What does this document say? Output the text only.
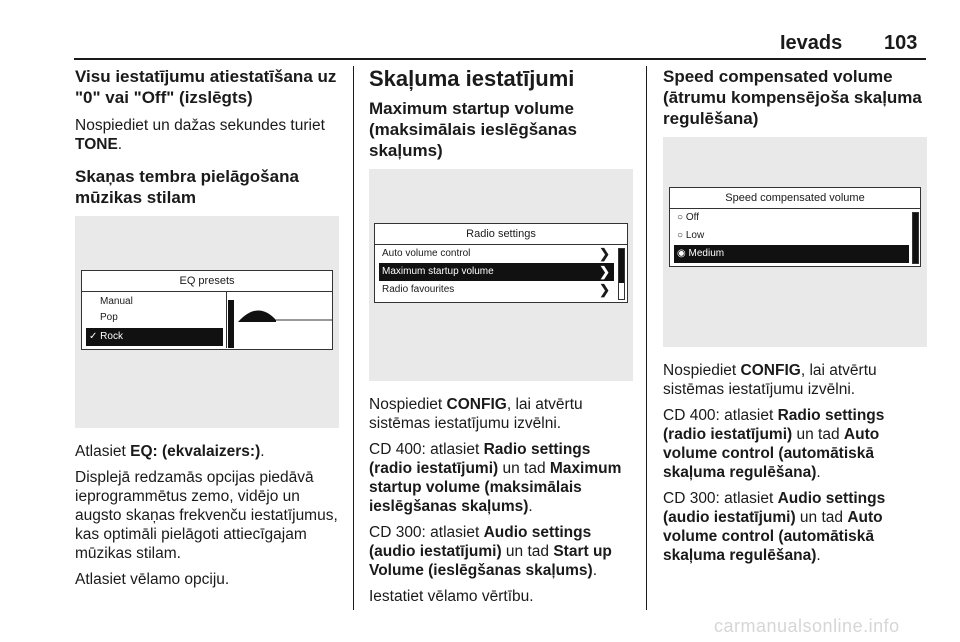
Ievads 103
Visu iestatījumu atiestatīšana uz "0" vai "Off" (izslēgts)

Nospiediet un dažas sekundes turiet TONE.

Skaņas tembra pielāgošana mūzikas stilam
EQ presets
Manual
Pop
✓ Rock

Atlasiet EQ: (ekvalaizers:).

Displejā redzamās opcijas piedāvā ieprogrammētus zemo, vidējo un augsto skaņas frekvenču iestatījumus, kas optimāli pielāgoti attiecīgajam mūzikas stilam.

Atlasiet vēlamo opciju.

Skaļuma iestatījumi
Maximum startup volume (maksimālais ieslēgšanas skaļums)
Radio settings
Auto volume control	❯
Maximum startup volume	❯
Radio favourites	❯

Nospiediet CONFIG, lai atvērtu sistēmas iestatījumu izvēlni.

CD 400: atlasiet Radio settings (radio iestatījumi) un tad Maximum startup volume (maksimālais ieslēgšanas skaļums).

CD 300: atlasiet Audio settings (audio iestatījumi) un tad Start up Volume (ieslēgšanas skaļums).

Iestatiet vēlamo vērtību.

Speed compensated volume (ātrumu kompensējoša skaļuma regulēšana)
Speed compensated volume
○ Off
○ Low
◉ Medium

Nospiediet CONFIG, lai atvērtu sistēmas iestatījumu izvēlni.

CD 400: atlasiet Radio settings (radio iestatījumi) un tad Auto volume control (automātiskā skaļuma regulēšana).

CD 300: atlasiet Audio settings (audio iestatījumi) un tad Auto volume control (automātiskā skaļuma regulēšana).

carmanualsonline.info
